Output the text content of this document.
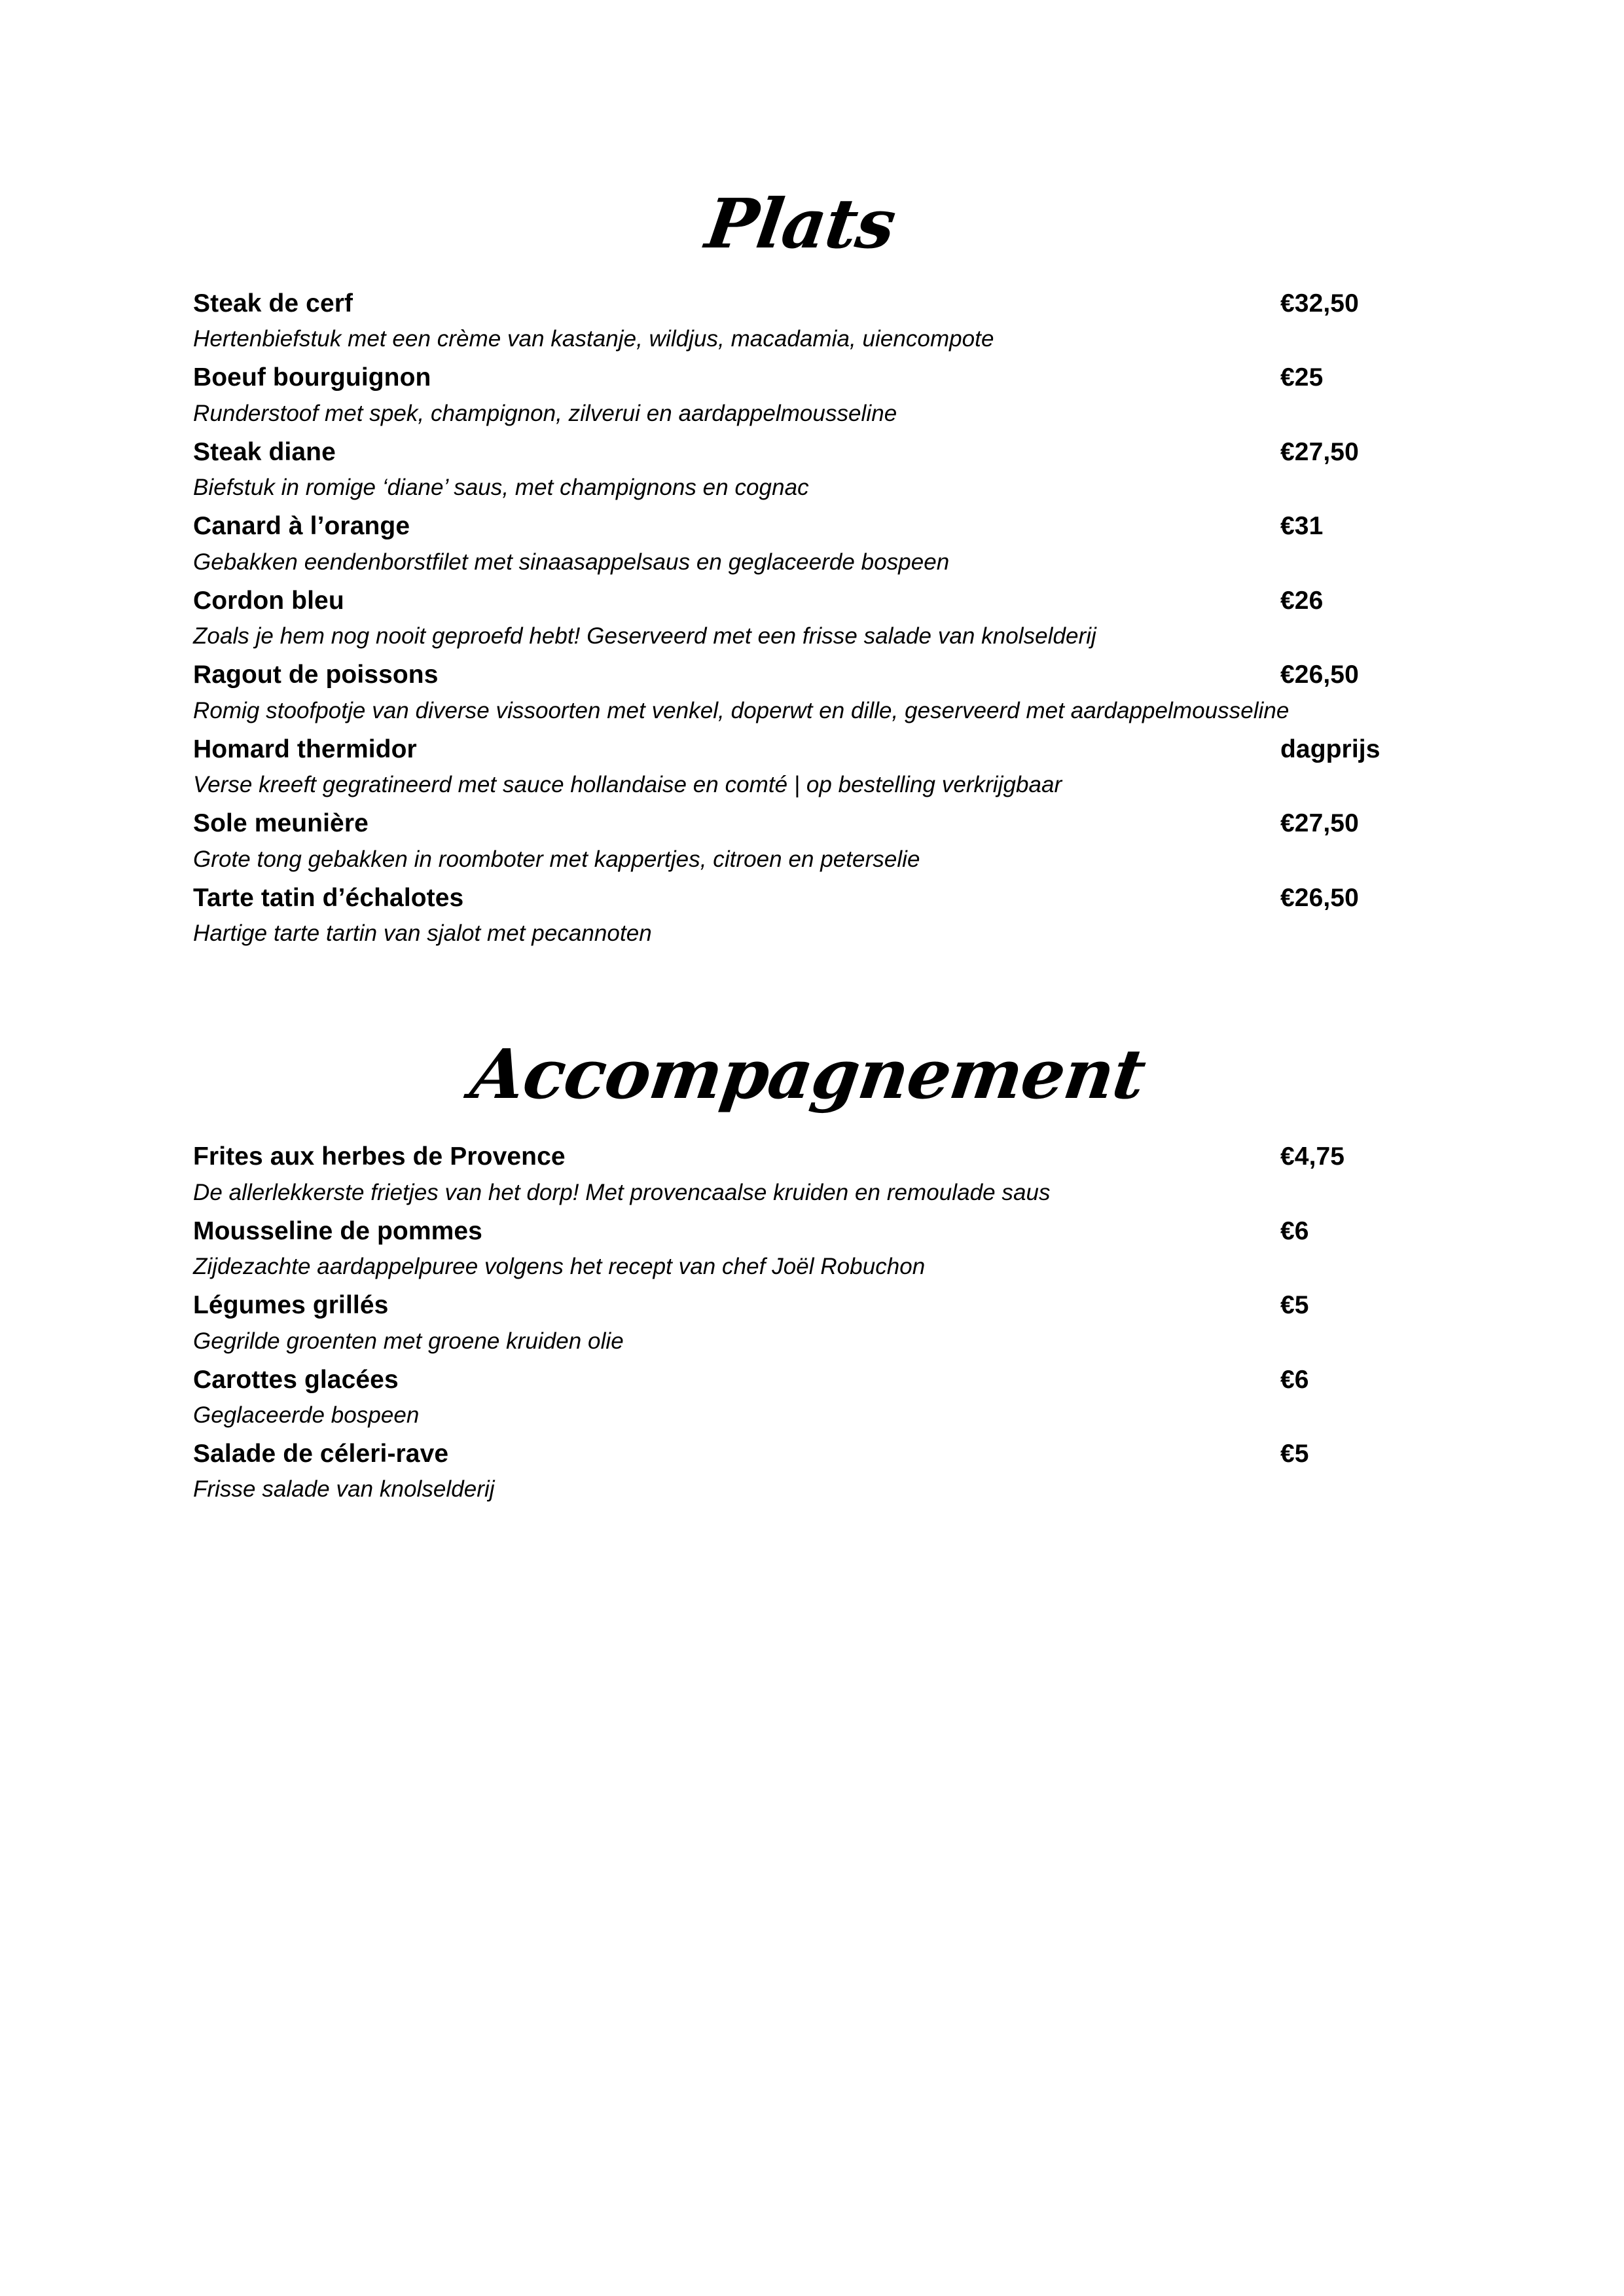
Plats
Steak de cerf	€32,50
Hertenbiefstuk met een crème van kastanje, wildjus, macadamia, uiencompote
Boeuf bourguignon	€25
Runderstoof met spek, champignon, zilverui en aardappelmousseline
Steak diane	€27,50
Biefstuk in romige ‘diane’ saus, met champignons en cognac
Canard à l’orange	€31
Gebakken eendenborstfilet met sinaasappelsaus en geglaceerde bospeen
Cordon bleu	€26
Zoals je hem nog nooit geproefd hebt! Geserveerd met een frisse salade van knolselderij
Ragout de poissons	€26,50
Romig stoofpotje van diverse vissoorten met venkel, doperwt en dille, geserveerd met aardappelmousseline
Homard thermidor	dagprijs
Verse kreeft gegratineerd met sauce hollandaise en comté | op bestelling verkrijgbaar
Sole meunière	€27,50
Grote tong gebakken in roomboter met kappertjes, citroen en peterselie
Tarte tatin d’échalotes	€26,50
Hartige tarte tartin van sjalot met pecannoten
Accompagnement
Frites aux herbes de Provence	€4,75
De allerlekkerste frietjes van het dorp! Met provencaalse kruiden en remoulade saus
Mousseline de pommes	€6
Zijdezachte aardappelpuree volgens het recept van chef Joël Robuchon
Légumes grillés	€5
Gegrilde groenten met groene kruiden olie
Carottes glacées	€6
Geglaceerde bospeen
Salade de céleri-rave	€5
Frisse salade van knolselderij
